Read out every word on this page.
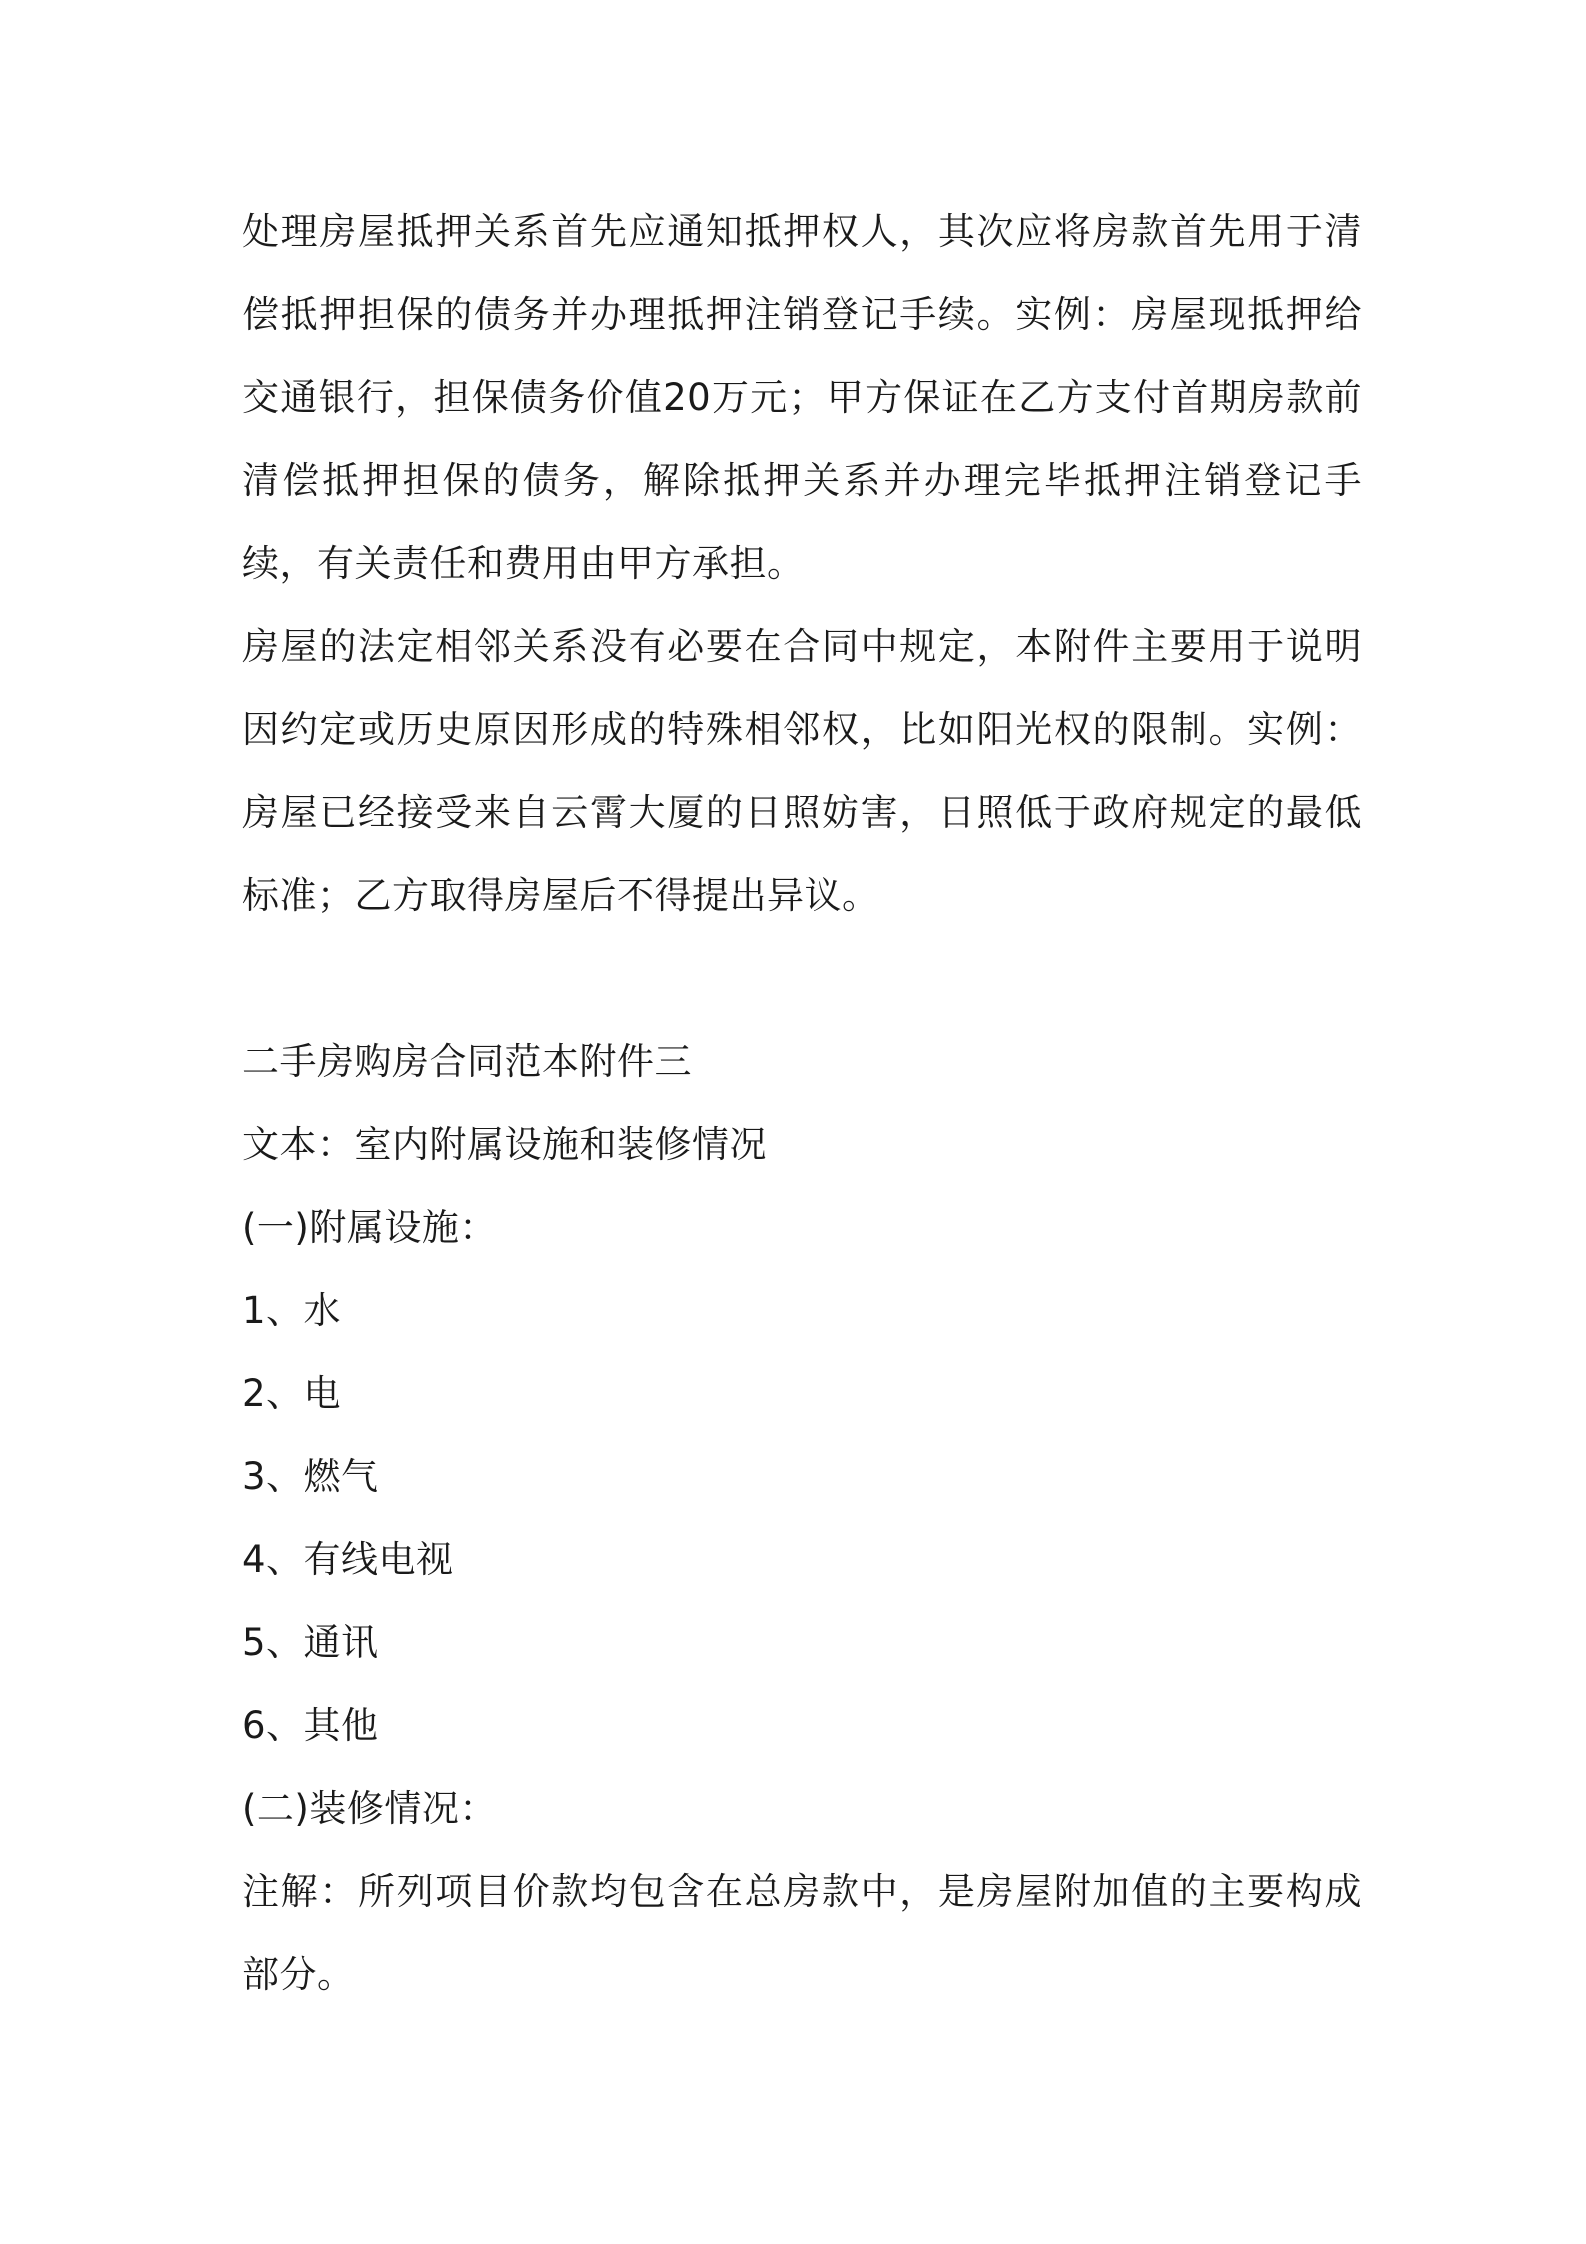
处理房屋抵押关系首先应通知抵押权人，其次应将房款首先用于清偿抵押担保的债务并办理抵押注销登记手续。实例：房屋现抵押给交通银行，担保债务价值20万元；甲方保证在乙方支付首期房款前清偿抵押担保的债务，解除抵押关系并办理完毕抵押注销登记手续，有关责任和费用由甲方承担。

房屋的法定相邻关系没有必要在合同中规定，本附件主要用于说明因约定或历史原因形成的特殊相邻权，比如阳光权的限制。实例：房屋已经接受来自云霄大厦的日照妨害，日照低于政府规定的最低标准；乙方取得房屋后不得提出异议。

二手房购房合同范本附件三

文本：室内附属设施和装修情况

(一)附属设施：

1、水

2、电

3、燃气

4、有线电视

5、通讯

6、其他

(二)装修情况：

注解：所列项目价款均包含在总房款中，是房屋附加值的主要构成部分。
